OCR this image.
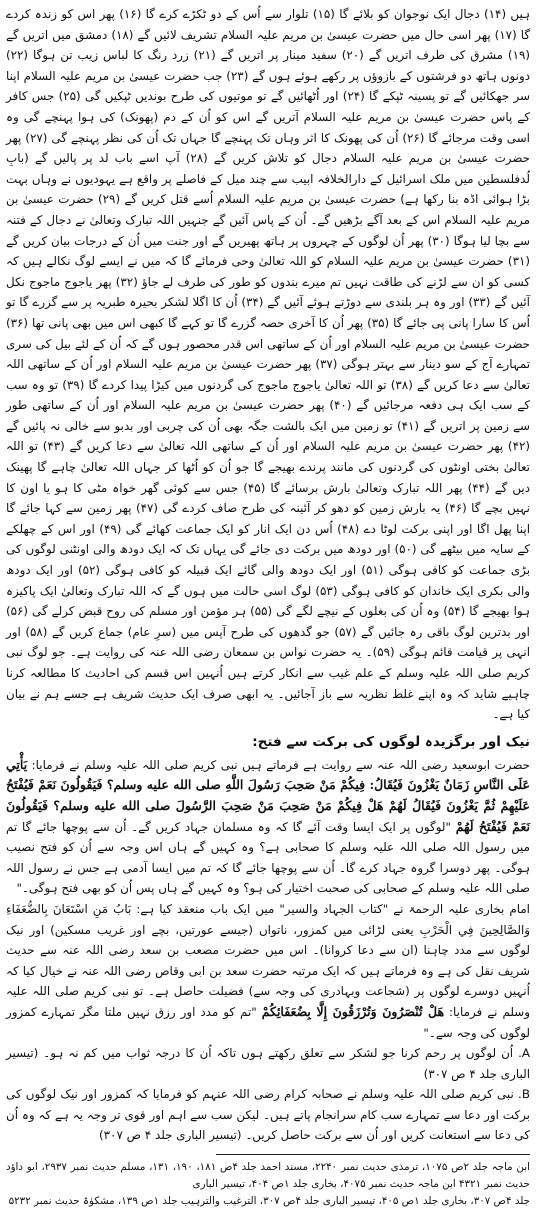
ہیں (۱۴) دجال ایک نوجوان کو بلائے گا (۱۵) تلوار سے اُس کے دو ٹکڑے کرے گا (۱۶) پھر اس کو زندہ کردے گا (۱۷) پھر اسی حال میں حضرت عیسیٰ بن مریم علیہ السلام تشریف لائیں گے (۱۸) دمشق میں اتریں گے (۱۹) مشرق کی طرف اتریں گے (۲۰) سفید مینار پر اتریں گے (۲۱) زرد رنگ کا لباس زیب تن ہوگا (۲۲) دونوں ہاتھ دو فرشتوں کے بازوؤں پر رکھے ہوئے ہوں گے (۲۳) جب حضرت عیسیٰ بن مریم علیہ السلام اپنا سر جھکائیں گے تو پسینہ ٹپکے گا (۲۴) اور اُٹھائیں گے تو موتیوں کی طرح بوندیں ٹپکیں گی (۲۵) جس کافر کے پاس حضرت عیسیٰ بن مریم علیہ السلام آتریں گے اس کو اُن کے دم (پھونک) کی ہوا پہنچے گی وہ اسی وقت مرجائے گا (۲۶) اُن کی پھونک کا اثر وہاں تک پہنچے گا جہاں تک اُن کی نظر پہنچے گی (۲۷) پھر حضرت عیسیٰ بن مریم علیہ السلام دجال کو تلاش کریں گے (۲۸) آپ اسے باب لد پر پالیں گے (بابِ لُدفلسطین میں ملک اسرائیل کے دارالخلافہ ابیب سے چند میل کے فاصلے پر واقع ہے یہودیوں نے وہاں بہت بڑا ہوائی اڈہ بنا رکھا ہے) حضرت عیسیٰ بن مریم علیہ السلام اُسے قتل کریں گے (۲۹) حضرت عیسیٰ بن مریم علیہ السلام اس کے بعد آگے بڑھیں گے۔ اُن کے پاس آئیں گے جنہیں اللہ تبارک وتعالیٰ نے دجال کے فتنہ سے بچا لیا ہوگا (۳۰) پھر اُن لوگوں کے چہروں پر ہاتھ پھیریں گے اور جنت میں اُن کے درجات بیان کریں گے (۳۱) حضرت عیسیٰ بن مریم علیہ السلام کو اللہ تعالیٰ وحی فرمائے گا کہ میں نے ایسے لوگ نکالے ہیں کہ کسی کو ان سے لڑنے کی طاقت نہیں تم میرے بندوں کو طور کی طرف لے جاؤ (۳۲) پھر یاجوج ماجوج نکل آئیں گے (۳۳) اور وہ ہر بلندی سے دوڑتے ہوئے آئیں گے (۳۴) اُن کا اگلا لشکر بحیرہ طبریہ پر سے گزرے گا تو اُس کا سارا پانی پی جائے گا (۳۵) پھر اُن کا آخری حصہ گزرے گا تو کہے گا کبھی اس میں بھی پانی تھا (۳۶) حضرت عیسیٰ بن مریم علیہ السلام اور اُن کے ساتھی اس قدر محصور ہوں گے کہ اُن کے لئے بیل کی سری تمہارے آج کے سو دینار سے بہتر ہوگی (۳۷) پھر حضرت عیسیٰ بن مریم علیہ السلام اور اُن کے ساتھی اللہ تعالیٰ سے دعا کریں گے (۳۸) تو اللہ تعالیٰ یاجوج ماجوج کی گردنوں میں کیڑا پیدا کردے گا (۳۹) تو وہ سب کے سب ایک ہی دفعہ مرجائیں گے (۴۰) پھر حضرت عیسیٰ بن مریم علیہ السلام اور اُن کے ساتھی طور سے زمین پر اتریں گے (۴۱) تو زمین میں ایک بالشت جگہ بھی اُن کی چربی اور بدبو سے خالی نہ پائیں گے (۴۲) پھر حضرت عیسیٰ بن مریم علیہ السلام اور اُن کے ساتھی اللہ تعالیٰ سے دعا کریں گے (۴۳) تو اللہ تعالیٰ بختی اونٹوں کی گردنوں کی مانند پرندے بھیجے گا جو اُن کو اُٹھا کر جہاں اللہ تعالیٰ چاہے گا پھینک دیں گے (۴۴) پھر اللہ تبارک وتعالیٰ بارش برسائے گا (۴۵) جس سے کوئی گھر خواہ مٹی کا ہو یا اون کا نہیں بچے گا (۴۶) یہ بارش زمین کو دھو کر آئینہ کی طرح صاف کردے گی (۴۷) پھر زمین سے کہا جائے گا اپنا پھل اگا اور اپنی برکت لوٹا دے (۴۸) اُس دن ایک انار کو ایک جماعت کھائے گی (۴۹) اور اس کے چھلکے کے سایہ میں بیٹھے گی (۵۰) اور دودھ میں برکت دی جائے گی یہاں تک کہ ایک دودھ والی اونٹنی لوگوں کی بڑی جماعت کو کافی ہوگی (۵۱) اور ایک دودھ والی گائے ایک قبیلہ کو کافی ہوگی (۵۲) اور ایک دودھ والی بکری ایک خاندان کو کافی ہوگی (۵۳) لوگ اسی حالت میں ہوں گے کہ اللہ تبارک وتعالیٰ ایک پاکیزہ ہوا بھیجے گا (۵۴) وہ اُن کی بغلوں کے نیچے لگے گی (۵۵) ہر مؤمن اور مسلم کی روح قبض کرلے گی (۵۶) اور بدترین لوگ باقی رہ جائیں گے (۵۷) جو گدھوں کی طرح آپس میں (سرِ عام) جماع کریں گے (۵۸) اور انہی پر قیامت قائم ہوگی (۵۹)۔ یہ حضرت نواس بن سمعان رضی اللہ عنہ کی روایت ہے۔ جو لوگ نبی کریم صلی اللہ علیہ وسلم کے علم غیب سے انکار کرتے ہیں اُنہیں اس قسم کی احادیث کا مطالعہ کرنا چاہیے شاید کہ وہ اپنے غلط نظریہ سے باز آجائیں۔ یہ ابھی صرف ایک حدیث شریف ہے جسے ہم نے بیان کیا ہے۔

نیک اور برگزیدہ لوگوں کی برکت سے فتح:

حضرت ابوسعید رضی اللہ عنہ سے روایت ہے فرماتے ہیں نبی کریم صلی اللہ علیہ وسلم نے فرمایا: يَأْتِي عَلَى النَّاسِ زَمَانٌ يَغْزُونَ فَيُقَالُ: فِيكُمْ مَنْ صَحِبَ رَسُولَ اللَّهِ صلى الله عليه وسلم؟ فَيَقُولُونَ نَعَمْ فَيُفْتَحُ عَلَيْهِمْ ثُمَّ يَغْزُونَ فَيُقَالُ لَهُمْ هَلْ فِيكُمْ مَنْ صَحِبَ مَنْ صَحِبَ الرَّسُولَ صلى الله عليه وسلم؟ فَيَقُولُونَ نَعَمْ فَيُفْتَحُ لَهُمْ "لوگوں پر ایک ایسا وقت آئے گا کہ وہ مسلمان جہاد کریں گے۔ اُن سے پوچھا جائے گا تم میں رسول اللہ صلی اللہ علیہ وسلم کا صحابی ہے؟ وہ کہیں گے ہاں اس وجہ سے اُن کو فتح نصیب ہوگی۔ پھر دوسرا گروہ جہاد کرے گا۔ اُن سے پوچھا جائے گا کہ تم میں ایسا آدمی ہے جس نے رسول اللہ صلی اللہ علیہ وسلم کے صحابی کی صحبت اختیار کی ہو؟ وہ کہیں گے ہاں پس اُن کو بھی فتح ہوگی۔"

امام بخاری علیہ الرحمۃ نے "کتاب الجہاد والسیر" میں ایک باب منعقد کیا ہے: بَابُ مَنِ اسْتَعَانَ بِالضُّعَفَاءِ وَالصَّالِحِينَ فِي الْحَرْبِ یعنی لڑائی میں کمزور، ناتواں (جیسے عورتیں، بچے اور غریب مسکین) اور نیک لوگوں سے مدد چاہنا (ان سے دعا کروانا)۔ اس میں حضرت مصعب بن سعد رضی اللہ عنہ سے حدیث شریف نقل کی ہے وہ فرماتے ہیں کہ ایک مرتبہ حضرت سعد بن ابی وقاص رضی اللہ عنہ نے خیال کیا کہ اُنہیں دوسرے لوگوں پر (شجاعت وبہادری کی وجہ سے) فضیلت حاصل ہے۔ تو نبی کریم صلی اللہ علیہ وسلم نے فرمایا: هَلْ تُنْصَرُونَ وَتُرْزَقُونَ إِلَّا بِضُعَفَائِكُمْ "تم کو مدد اور رزق نہیں ملتا مگر تمہارے کمزور لوگوں کی وجہ سے۔"

A. اُن لوگوں پر رحم کرنا جو لشکر سے تعلق رکھتے ہوں تاکہ اُن کا درجہ ثواب میں کم نہ ہو۔ (تیسیر الباری جلد ۴ ص ۳۰۷)

B. نبی کریم صلی اللہ علیہ وسلم نے صحابہ کرام رضی اللہ عنہم کو فرمایا کہ کمزور اور نیک لوگوں کی برکت اور دعا سے تمہارے سب کام سرانجام پاتے ہیں۔ لیکن سب سے اہم اور قوی تر وجہ یہ ہے کہ وہ اُن کی دعا سے استعانت کریں اور اُن سے برکت حاصل کریں۔ (تیسیر الباری جلد ۴ ص ۳۰۷)

ابن ماجہ جلد ۲ص ۱۰۷۵، ترمذی حدیث نمبر ۲۲۴۰، مسند احمد جلد ۴ص ۱۸۱، ۱۹۰، ۱۳۱، مسلم حدیث نمبر ۲۹۳۷، ابو داؤد حدیث نمبر ۴۳۲۱ ابن ماجہ حدیث نمبر ۴۰۷۵، بخاری جلد ۱ص ۴۰۴، تیسیر الباری

جلد ۴ص ۳۰۷، بخاری جلد ۱ص ۴۰۵، تیسیر الباری جلد ۴ص ۳۰۷، الترغیب والترہیب جلد ۱ص ۱۳۹، مشکوٰۃ حدیث نمبر ۵۲۳۲
